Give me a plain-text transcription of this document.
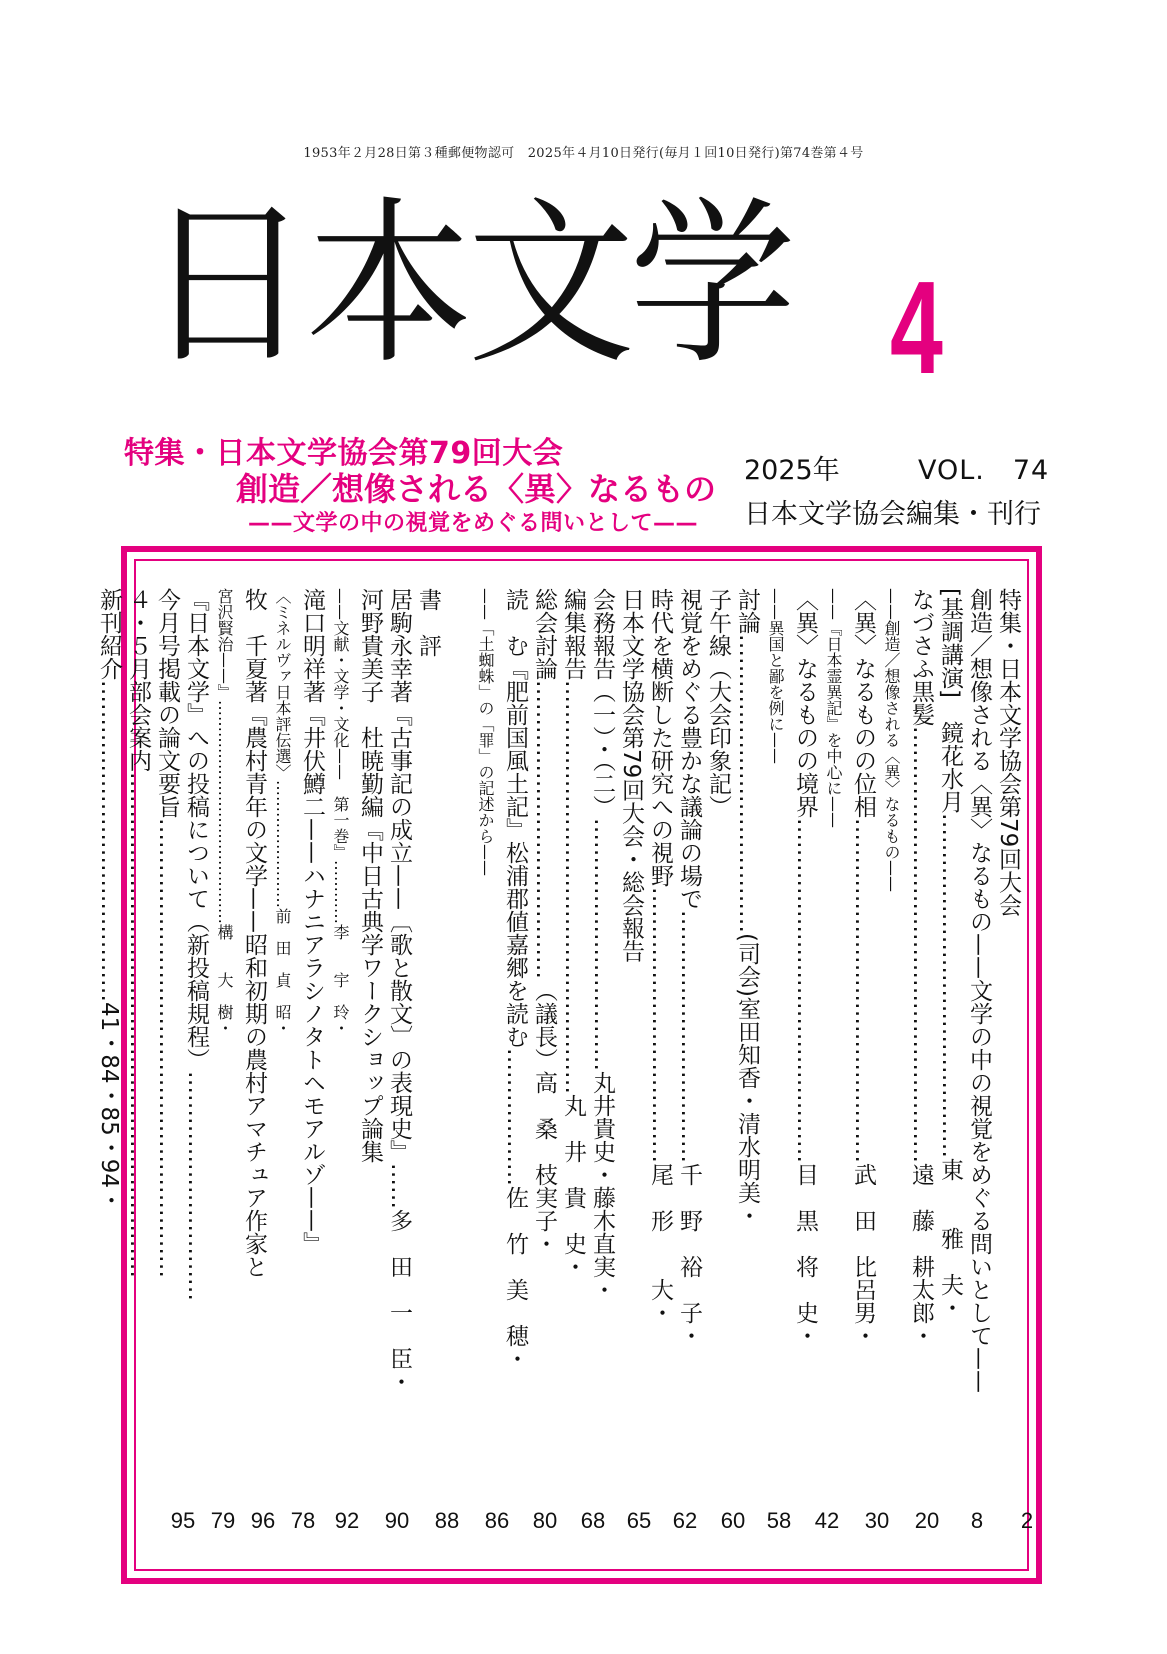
1953年２月28日第３種郵便物認可　2025年４月10日発行(毎月１回10日発行)第74巻第４号
日本文学 4
特集・日本文学協会第79回大会
創造／想像される〈異〉なるもの
——文学の中の視覚をめぐる問いとして——
2025年	VOL.　74
日本文学協会編集・刊行
特集・日本文学協会第79回大会
創造／想像される〈異〉なるもの——文学の中の視覚をめぐる問いとして——
[基調講演]　鏡花水月………………………………………東　　雅　夫・
なづさふ黒髪…………………………………………………遠　藤　耕太郎・
——創造／想像される〈異〉なるもの——
〈異〉なるものの位相………………………………………武　田　比呂男・
——『日本霊異記』を中心に——
〈異〉なるものの境界………………………………………目　黒　将　史・
——異国と鄙を例に——
討論…………………………………(司会)室田知香・清水明美・
子午線（大会印象記）
視覚をめぐる豊かな議論の場で……………………………千　野　裕　子・
時代を横断した研究への視野………………………………尾　形　　大・
日本文学協会第79回大会・総会報告
会務報告（一）・（二）……………………………丸井貴史・藤木直実・
編集報告………………………………………………丸　井　貴　史・
総会討論…………………………………（議長）高　桑　枝実子・
読　む『肥前国風土記』松浦郡値嘉郷を読む………………佐　竹　美　穂・
——「土蜘蛛」の「罪」の記述から——
書　評
居駒永幸著『古事記の成立——〔歌と散文〕の表現史』……多　田　一　臣・
河野貴美子　杜暁勤編『中日古典学ワークショップ論集
——文献・文学・文化——　第一巻』…………李　　宇　玲・
滝口明祥著『井伏鱒二——ハナニアラシノタトヘモアルゾ——』
〈ミネルヴァ日本評伝選〉……………………前　田　貞　昭・
牧　千夏著『農村青年の文学——昭和初期の農村アマチュア作家と
宮沢賢治——』……………………………………構　　大　樹・
『日本文学』への投稿について（新投稿規程）…………………………
今月号掲載の論文要旨……………………………………………………
４・５月部会案内…………………………………………………………
新刊紹介……………………………………41・84・85・94・
2
8
20
30
42
58
60
62
65
68
80
86
88
90
92
78
96
79
95
